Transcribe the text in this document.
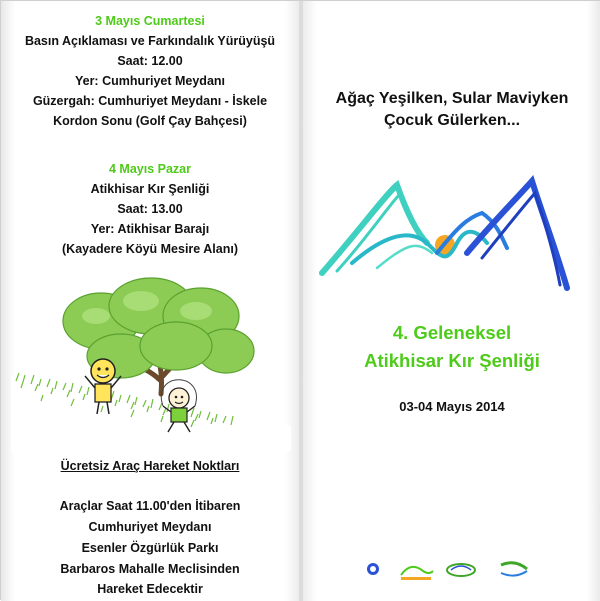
3 Mayıs Cumartesi
Basın Açıklaması ve Farkındalık Yürüyüşü
Saat: 12.00
Yer: Cumhuriyet Meydanı
Güzergah: Cumhuriyet Meydanı - İskele
Kordon Sonu (Golf Çay Bahçesi)
4 Mayıs Pazar
Atikhisar Kır Şenliği
Saat: 13.00
Yer: Atikhisar Barajı
(Kayadere Köyü Mesire Alanı)
Ücretsiz Araç Hareket Noktları
Araçlar Saat 11.00'den İtibaren
Cumhuriyet Meydanı
Esenler Özgürlük Parkı
Barbaros Mahalle Meclisinden
Hareket Edecektir
Ağaç Yeşilken, Sular Maviyken
Çocuk Gülerken...
4. Geleneksel
Atikhisar Kır Şenliği
03-04 Mayıs 2014
